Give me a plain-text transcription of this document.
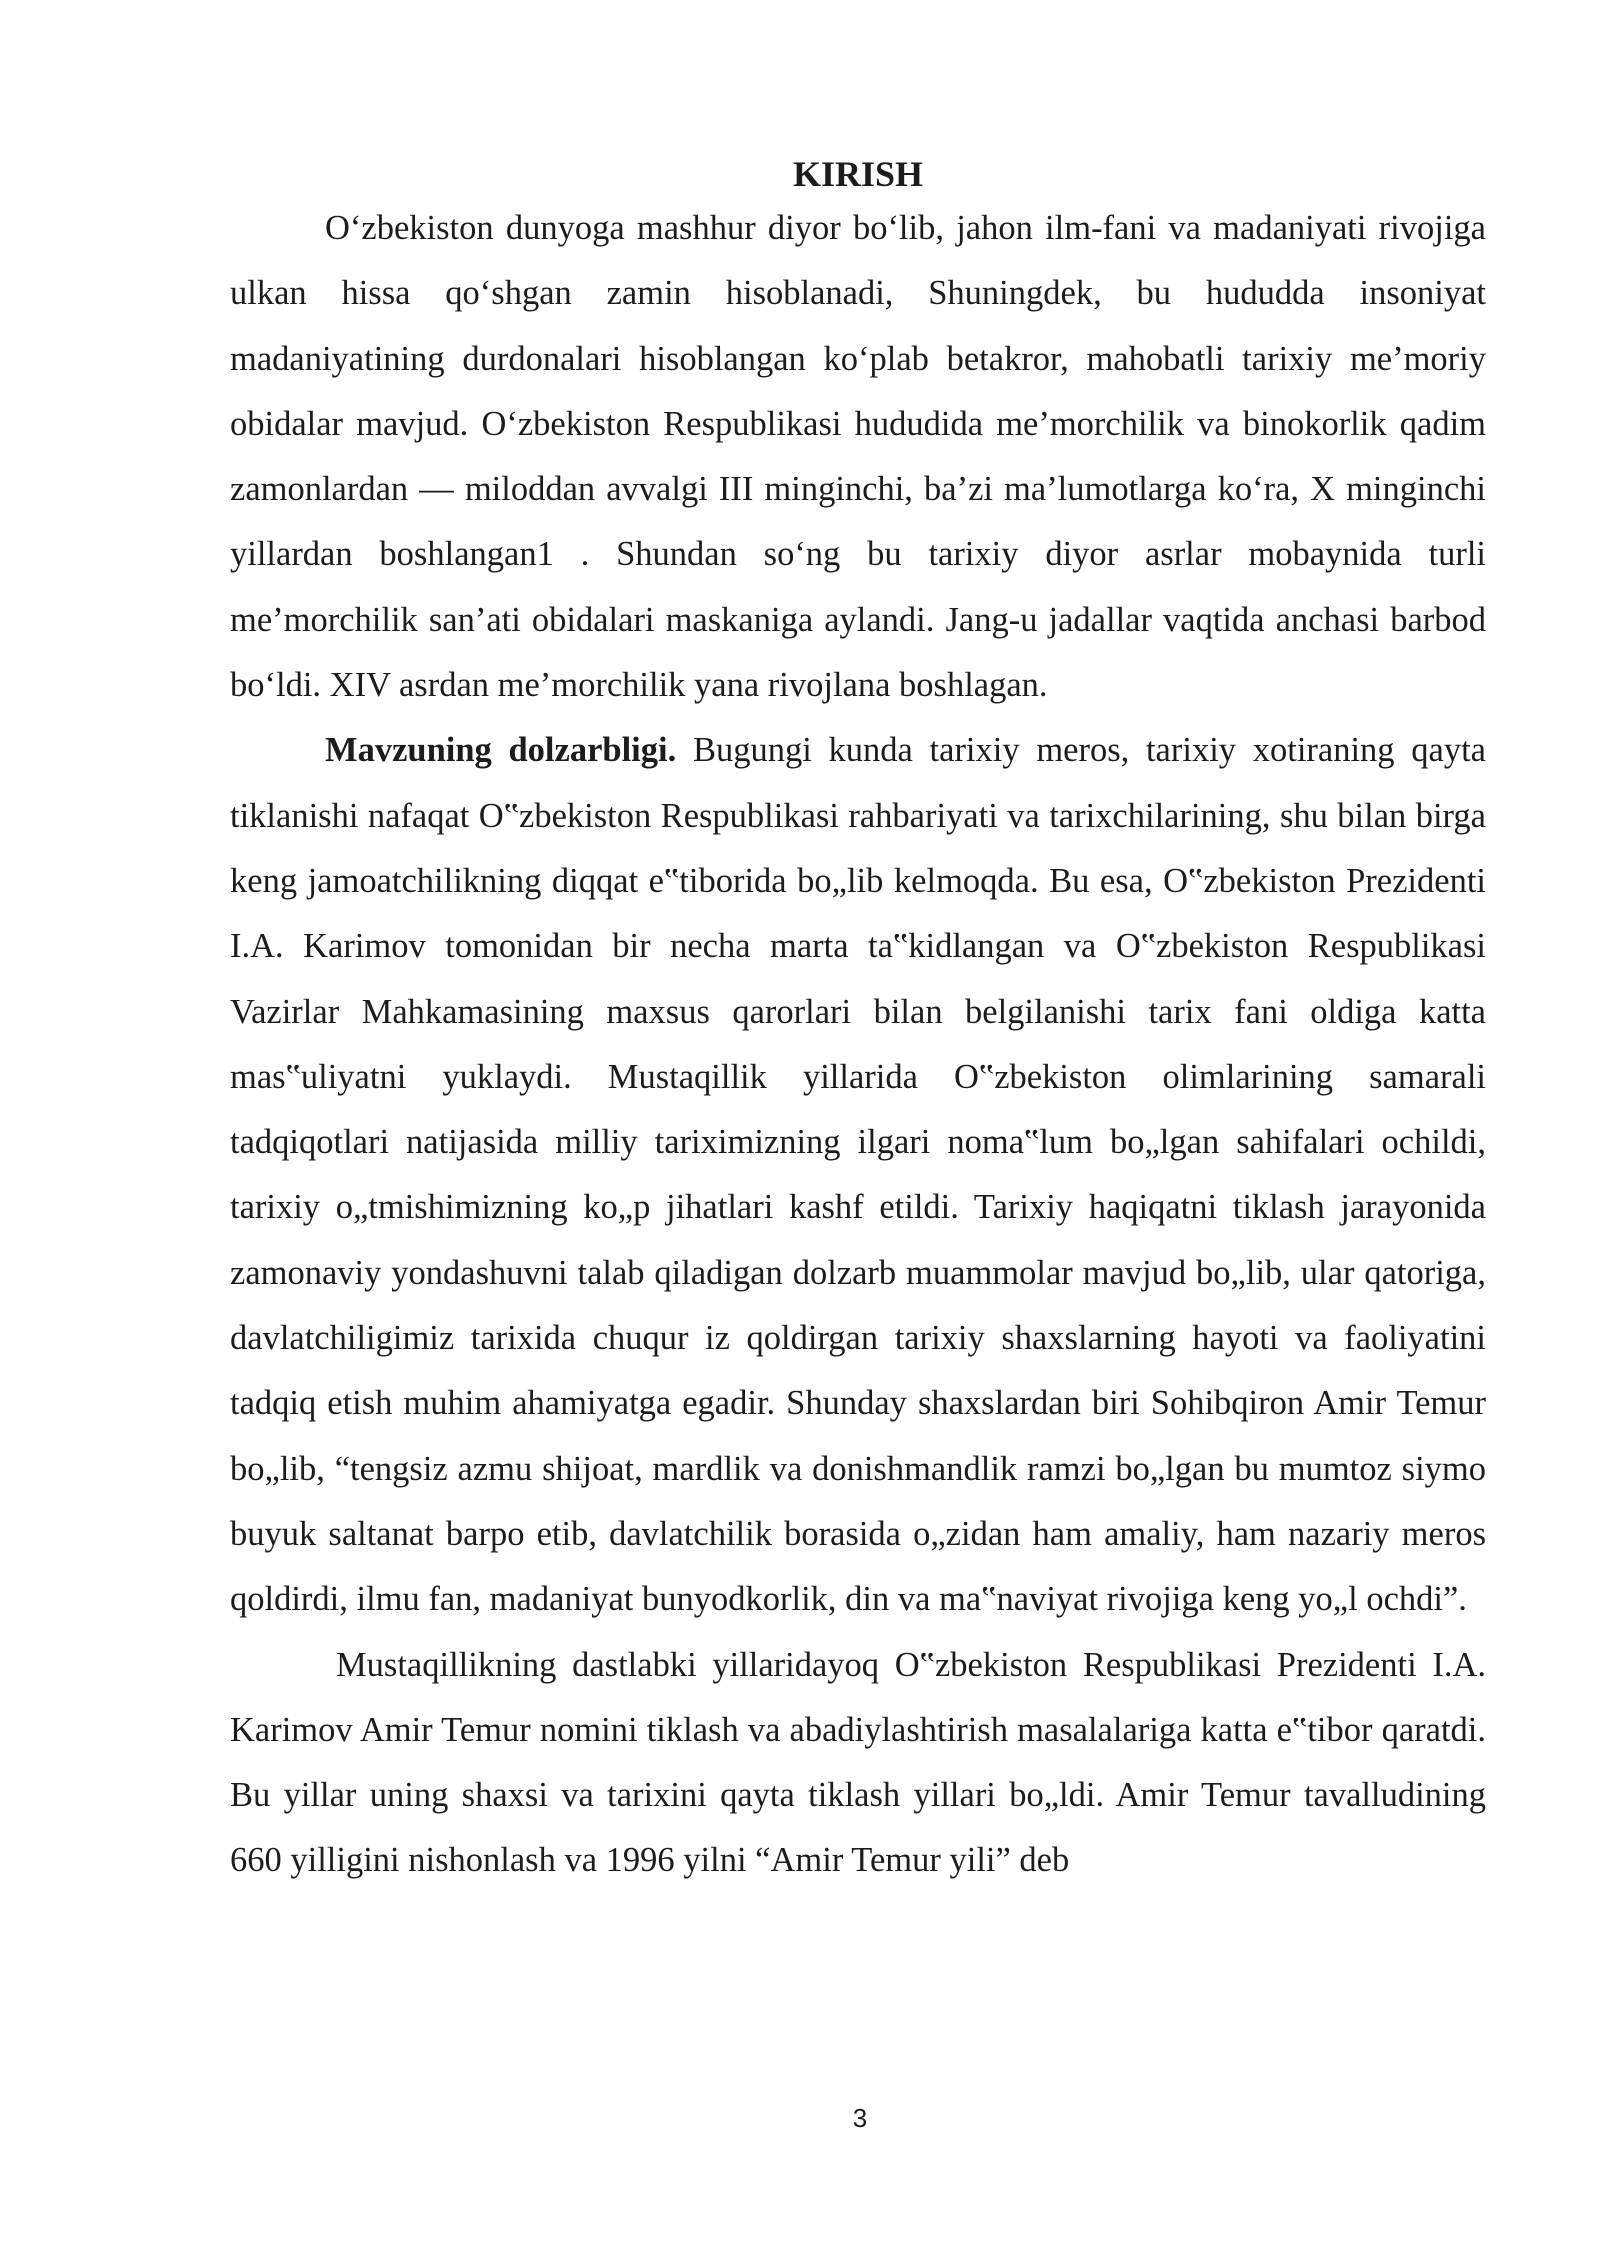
KIRISH

O‘zbekiston dunyoga mashhur diyor bo‘lib, jahon ilm-fani va madaniyati rivojiga ulkan hissa qo‘shgan zamin hisoblanadi, Shuningdek, bu hududda insoniyat madaniyatining durdonalari hisoblangan ko‘plab betakror, mahobatli tarixiy me’moriy obidalar mavjud. O‘zbekiston Respublikasi hududida me’morchilik va binokorlik qadim zamonlardan — miloddan avvalgi III minginchi, ba’zi ma’lumotlarga ko‘ra, X minginchi yillardan boshlangan1 . Shundan so‘ng bu tarixiy diyor asrlar mobaynida turli me’morchilik san’ati obidalari maskaniga aylandi. Jang-u jadallar vaqtida anchasi barbod bo‘ldi. XIV asrdan me’morchilik yana rivojlana boshlagan.

Mavzuning dolzarbligi. Bugungi kunda tarixiy meros, tarixiy xotiraning qayta tiklanishi nafaqat O‟zbekiston Respublikasi rahbariyati va tarixchilarining, shu bilan birga keng jamoatchilikning diqqat e‟tiborida bo„lib kelmoqda. Bu esa, O‟zbekiston Prezidenti I.A. Karimov tomonidan bir necha marta ta‟kidlangan va O‟zbekiston Respublikasi Vazirlar Mahkamasining maxsus qarorlari bilan belgilanishi tarix fani oldiga katta mas‟uliyatni yuklaydi. Mustaqillik yillarida O‟zbekiston olimlarining samarali tadqiqotlari natijasida milliy tariximizning ilgari noma‟lum bo„lgan sahifalari ochildi, tarixiy o„tmishimizning ko„p jihatlari kashf etildi. Tarixiy haqiqatni tiklash jarayonida zamonaviy yondashuvni talab qiladigan dolzarb muammolar mavjud bo„lib, ular qatoriga, davlatchiligimiz tarixida chuqur iz qoldirgan tarixiy shaxslarning hayoti va faoliyatini tadqiq etish muhim ahamiyatga egadir. Shunday shaxslardan biri Sohibqiron Amir Temur bo„lib, “tengsiz azmu shijoat, mardlik va donishmandlik ramzi bo„lgan bu mumtoz siymo buyuk saltanat barpo etib, davlatchilik borasida o„zidan ham amaliy, ham nazariy meros qoldirdi, ilmu fan, madaniyat bunyodkorlik, din va ma‟naviyat rivojiga keng yo„l ochdi”.

Mustaqillikning dastlabki yillaridayoq O‟zbekiston Respublikasi Prezidenti I.A. Karimov Amir Temur nomini tiklash va abadiylashtirish masalalariga katta e‟tibor qaratdi. Bu yillar uning shaxsi va tarixini qayta tiklash yillari bo„ldi. Amir Temur tavalludining 660 yilligini nishonlash va 1996 yilni “Amir Temur yili” deb

3
